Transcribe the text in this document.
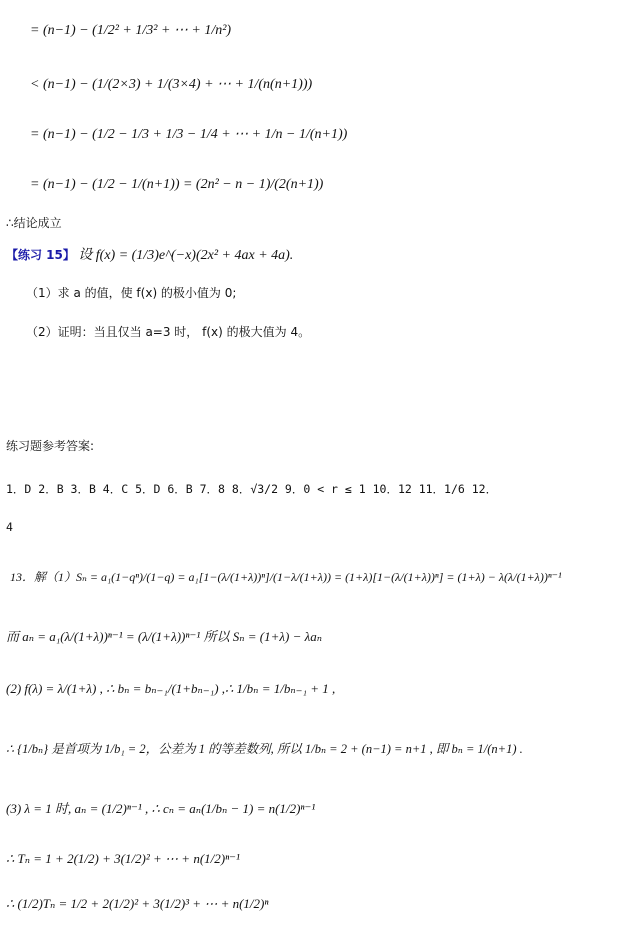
= (n−1) − (1/2² + 1/3² + ⋯ + 1/n²)
< (n−1) − (1/(2×3) + 1/(3×4) + ⋯ + 1/(n(n+1)))
= (n−1) − (1/2 − 1/3 + 1/3 − 1/4 + ⋯ + 1/n − 1/(n+1))
= (n−1) − (1/2 − 1/(n+1)) = (2n² − n − 1)/(2(n+1))
∴结论成立
【练习 15】 设 f(x) = (1/3)e^(−x)(2x² + 4ax + 4a).
（1）求 a 的值，使 f(x) 的极小值为 0;
（2）证明：当且仅当 a=3 时， f(x) 的极大值为 4。
练习题参考答案:
1．D 2．B 3．B 4．C 5．D 6．B 7．8 8．√3/2 9．0 < r ≤ 1 10．12 11．1/6 12．
4
13．解（1）Sₙ = a₁(1−qⁿ)/(1−q) = a₁[1−(λ/(1+λ))ⁿ]/(1−λ/(1+λ)) = (1+λ)[1−(λ/(1+λ))ⁿ] = (1+λ) − λ(λ/(1+λ))ⁿ⁻¹
而 aₙ = a₁(λ/(1+λ))ⁿ⁻¹ = (λ/(1+λ))ⁿ⁻¹ 所以 Sₙ = (1+λ) − λaₙ
(2) f(λ) = λ/(1+λ) , ∴ bₙ = bₙ₋₁/(1+bₙ₋₁) ,∴ 1/bₙ = 1/bₙ₋₁ + 1 ,
∴ {1/bₙ} 是首项为 1/b₁ = 2，公差为 1 的等差数列, 所以 1/bₙ = 2 + (n−1) = n+1 , 即 bₙ = 1/(n+1) .
(3) λ = 1 时, aₙ = (1/2)ⁿ⁻¹ , ∴ cₙ = aₙ(1/bₙ − 1) = n(1/2)ⁿ⁻¹
∴ Tₙ = 1 + 2(1/2) + 3(1/2)² + ⋯ + n(1/2)ⁿ⁻¹
∴ (1/2)Tₙ = 1/2 + 2(1/2)² + 3(1/2)³ + ⋯ + n(1/2)ⁿ
